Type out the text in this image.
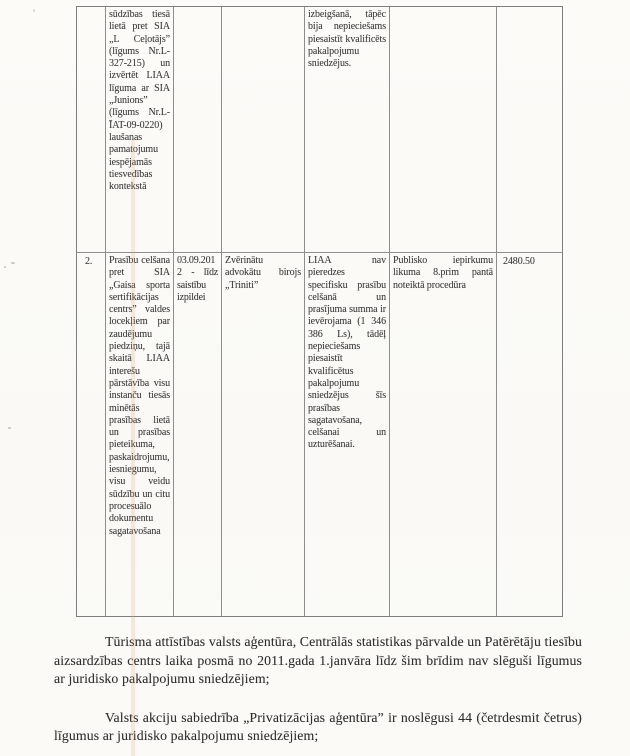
sūdzības tiesā lietā pret SIA „L Ceļotājs” (līgums Nr.L-327-215) un izvērtēt LIAA līguma ar SIA „Junions” (līgums Nr.L-ĪAT-09-0220) laušanas pamatojumu iespējamās tiesvedības kontekstā
izbeigšanā, tāpēc bija nepieciešams piesaistīt kvalificēts pakalpojumu sniedzējus.
2.	Prasību celšana pret SIA „Gaisa sporta sertifikācijas centrs” valdes locekļiem par zaudējumu piedziņu, tajā skaitā LIAA interešu pārstāvība visu instanču tiesās minētās prasības lietā un prasības pieteikuma, paskaidrojumu, iesniegumu, visu veidu sūdzību un citu procesuālo dokumentu sagatavošana
03.09.2012 - līdz saistību izpildei
Zvērinātu advokātu birojs „Triniti”
LIAA nav pieredzes specifisku prasību celšanā un prasījuma summa ir ievērojama (1 346 386 Ls), tādēļ nepieciešams piesaistīt kvalificētus pakalpojumu sniedzējus šīs prasības sagatavošana, celšanai un uzturēšanai.
Publisko iepirkumu likuma 8.prim pantā noteiktā procedūra
2480.50

Tūrisma attīstības valsts aģentūra, Centrālās statistikas pārvalde un Patērētāju tiesību aizsardzības centrs laika posmā no 2011.gada 1.janvāra līdz šim brīdim nav slēguši līgumus ar juridisko pakalpojumu sniedzējiem;

Valsts akciju sabiedrība „Privatizācijas aģentūra” ir noslēgusi 44 (četrdesmit četrus) līgumus ar juridisko pakalpojumu sniedzējiem;
